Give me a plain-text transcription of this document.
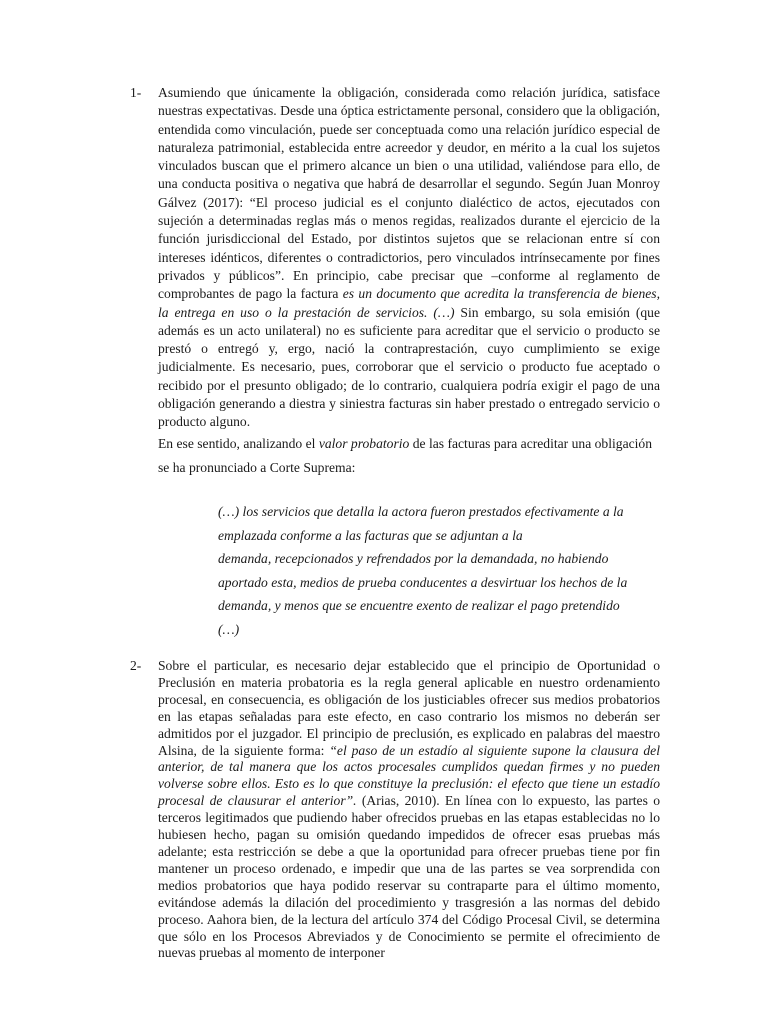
1- Asumiendo que únicamente la obligación, considerada como relación jurídica, satisface nuestras expectativas. Desde una óptica estrictamente personal, considero que la obligación, entendida como vinculación, puede ser conceptuada como una relación jurídico especial de naturaleza patrimonial, establecida entre acreedor y deudor, en mérito a la cual los sujetos vinculados buscan que el primero alcance un bien o una utilidad, valiéndose para ello, de una conducta positiva o negativa que habrá de desarrollar el segundo. Según Juan Monroy Gálvez (2017): “El proceso judicial es el conjunto dialéctico de actos, ejecutados con sujeción a determinadas reglas más o menos regidas, realizados durante el ejercicio de la función jurisdiccional del Estado, por distintos sujetos que se relacionan entre sí con intereses idénticos, diferentes o contradictorios, pero vinculados intrínsecamente por fines privados y públicos”. En principio, cabe precisar que –conforme al reglamento de comprobantes de pago la factura es un documento que acredita la transferencia de bienes, la entrega en uso o la prestación de servicios. (…) Sin embargo, su sola emisión (que además es un acto unilateral) no es suficiente para acreditar que el servicio o producto se prestó o entregó y, ergo, nació la contraprestación, cuyo cumplimiento se exige judicialmente. Es necesario, pues, corroborar que el servicio o producto fue aceptado o recibido por el presunto obligado; de lo contrario, cualquiera podría exigir el pago de una obligación generando a diestra y siniestra facturas sin haber prestado o entregado servicio o producto alguno.
En ese sentido, analizando el valor probatorio de las facturas para acreditar una obligación se ha pronunciado a Corte Suprema:
(…) los servicios que detalla la actora fueron prestados efectivamente a la
emplazada conforme a las facturas que se adjuntan a la
demanda, recepcionados y refrendados por la demandada, no habiendo
aportado esta, medios de prueba conducentes a desvirtuar los hechos de la
demanda, y menos que se encuentre exento de realizar el pago pretendido
(…)
2- Sobre el particular, es necesario dejar establecido que el principio de Oportunidad o Preclusión en materia probatoria es la regla general aplicable en nuestro ordenamiento procesal, en consecuencia, es obligación de los justiciables ofrecer sus medios probatorios en las etapas señaladas para este efecto, en caso contrario los mismos no deberán ser admitidos por el juzgador. El principio de preclusión, es explicado en palabras del maestro Alsina, de la siguiente forma: “el paso de un estadío al siguiente supone la clausura del anterior, de tal manera que los actos procesales cumplidos quedan firmes y no pueden volverse sobre ellos. Esto es lo que constituye la preclusión: el efecto que tiene un estadío procesal de clausurar el anterior”. (Arias, 2010). En línea con lo expuesto, las partes o terceros legitimados que pudiendo haber ofrecidos pruebas en las etapas establecidas no lo hubiesen hecho, pagan su omisión quedando impedidos de ofrecer esas pruebas más adelante; esta restricción se debe a que la oportunidad para ofrecer pruebas tiene por fin mantener un proceso ordenado, e impedir que una de las partes se vea sorprendida con medios probatorios que haya podido reservar su contraparte para el último momento, evitándose además la dilación del procedimiento y trasgresión a las normas del debido proceso. Aahora bien, de la lectura del artículo 374 del Código Procesal Civil, se determina que sólo en los Procesos Abreviados y de Conocimiento se permite el ofrecimiento de nuevas pruebas al momento de interponer
